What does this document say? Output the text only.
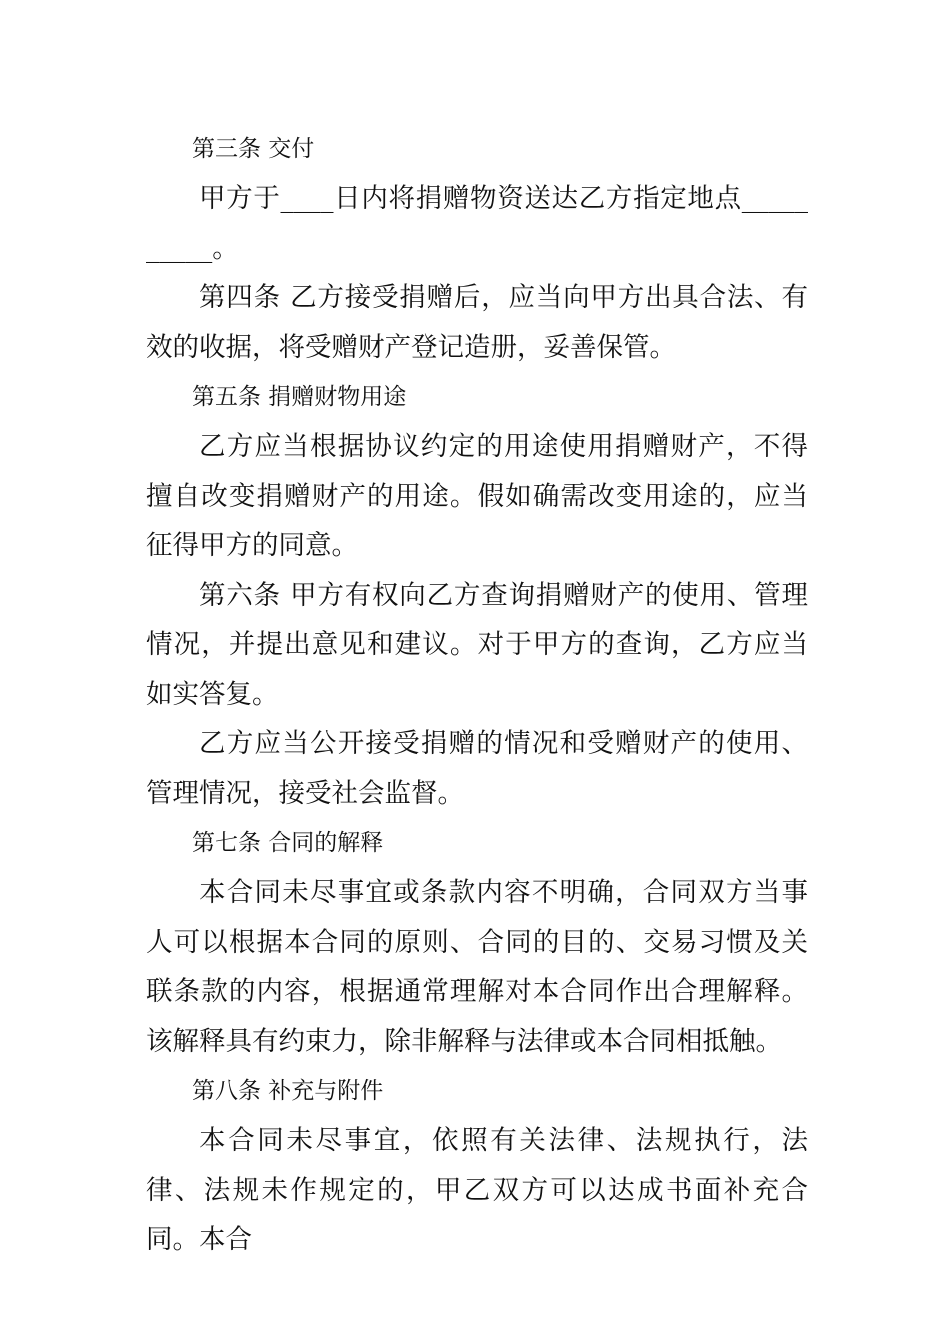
第三条 交付

甲方于____日内将捐赠物资送达乙方指定地点__________。

第四条 乙方接受捐赠后，应当向甲方出具合法、有效的收据，将受赠财产登记造册，妥善保管。

第五条 捐赠财物用途

乙方应当根据协议约定的用途使用捐赠财产，不得擅自改变捐赠财产的用途。假如确需改变用途的，应当征得甲方的同意。

第六条 甲方有权向乙方查询捐赠财产的使用、管理情况，并提出意见和建议。对于甲方的查询，乙方应当如实答复。

乙方应当公开接受捐赠的情况和受赠财产的使用、管理情况，接受社会监督。

第七条 合同的解释

本合同未尽事宜或条款内容不明确，合同双方当事人可以根据本合同的原则、合同的目的、交易习惯及关联条款的内容，根据通常理解对本合同作出合理解释。该解释具有约束力，除非解释与法律或本合同相抵触。

第八条 补充与附件

本合同未尽事宜，依照有关法律、法规执行，法律、法规未作规定的，甲乙双方可以达成书面补充合同。本合
